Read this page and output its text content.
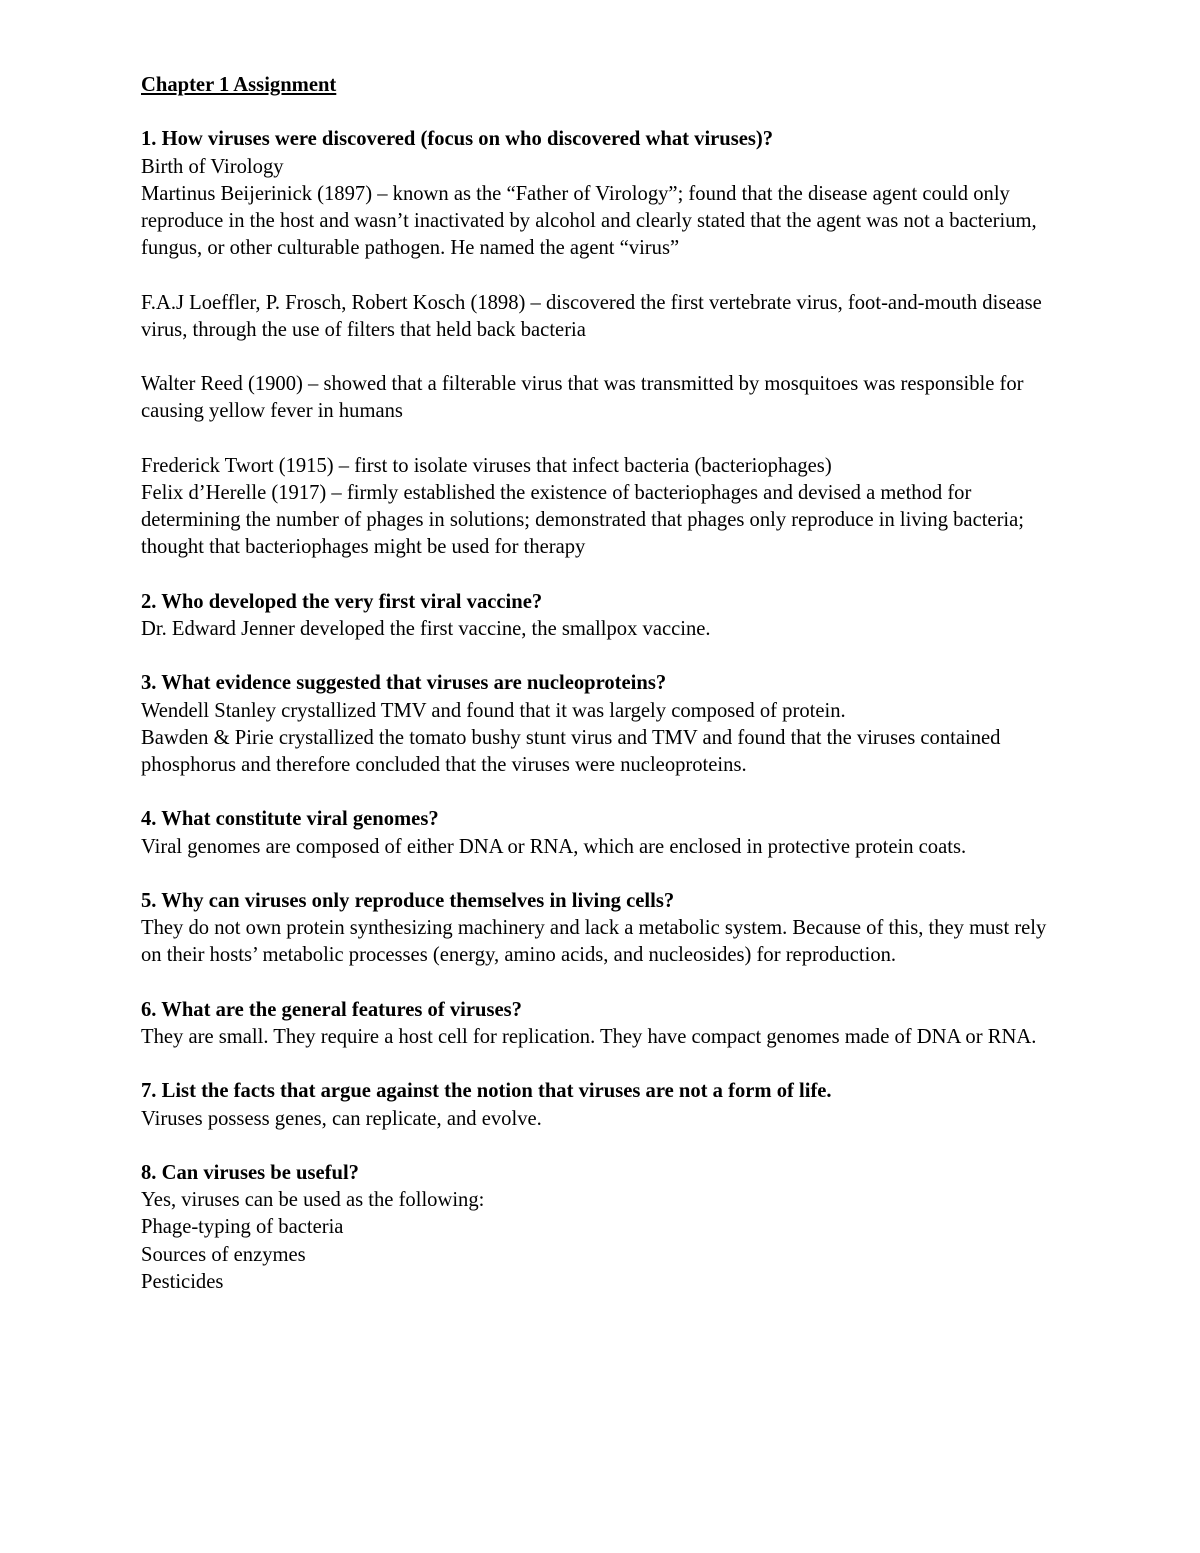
Chapter 1 Assignment

1. How viruses were discovered (focus on who discovered what viruses)?

Birth of Virology

Martinus Beijerinick (1897) – known as the “Father of Virology”; found that the disease agent could only reproduce in the host and wasn’t inactivated by alcohol and clearly stated that the agent was not a bacterium, fungus, or other culturable pathogen. He named the agent “virus”

F.A.J Loeffler, P. Frosch, Robert Kosch (1898) – discovered the first vertebrate virus, foot-and-mouth disease virus, through the use of filters that held back bacteria

Walter Reed (1900) – showed that a filterable virus that was transmitted by mosquitoes was responsible for causing yellow fever in humans

Frederick Twort (1915) – first to isolate viruses that infect bacteria (bacteriophages)

Felix d’Herelle (1917) – firmly established the existence of bacteriophages and devised a method for determining the number of phages in solutions; demonstrated that phages only reproduce in living bacteria; thought that bacteriophages might be used for therapy

2. Who developed the very first viral vaccine?

Dr. Edward Jenner developed the first vaccine, the smallpox vaccine.

3. What evidence suggested that viruses are nucleoproteins?

Wendell Stanley crystallized TMV and found that it was largely composed of protein.

Bawden & Pirie crystallized the tomato bushy stunt virus and TMV and found that the viruses contained phosphorus and therefore concluded that the viruses were nucleoproteins.

4. What constitute viral genomes?

Viral genomes are composed of either DNA or RNA, which are enclosed in protective protein coats.

5. Why can viruses only reproduce themselves in living cells?

They do not own protein synthesizing machinery and lack a metabolic system. Because of this, they must rely on their hosts’ metabolic processes (energy, amino acids, and nucleosides) for reproduction.

6. What are the general features of viruses?

They are small. They require a host cell for replication. They have compact genomes made of DNA or RNA.

7. List the facts that argue against the notion that viruses are not a form of life.

Viruses possess genes, can replicate, and evolve.

8. Can viruses be useful?

Yes, viruses can be used as the following:

Phage-typing of bacteria

Sources of enzymes

Pesticides
